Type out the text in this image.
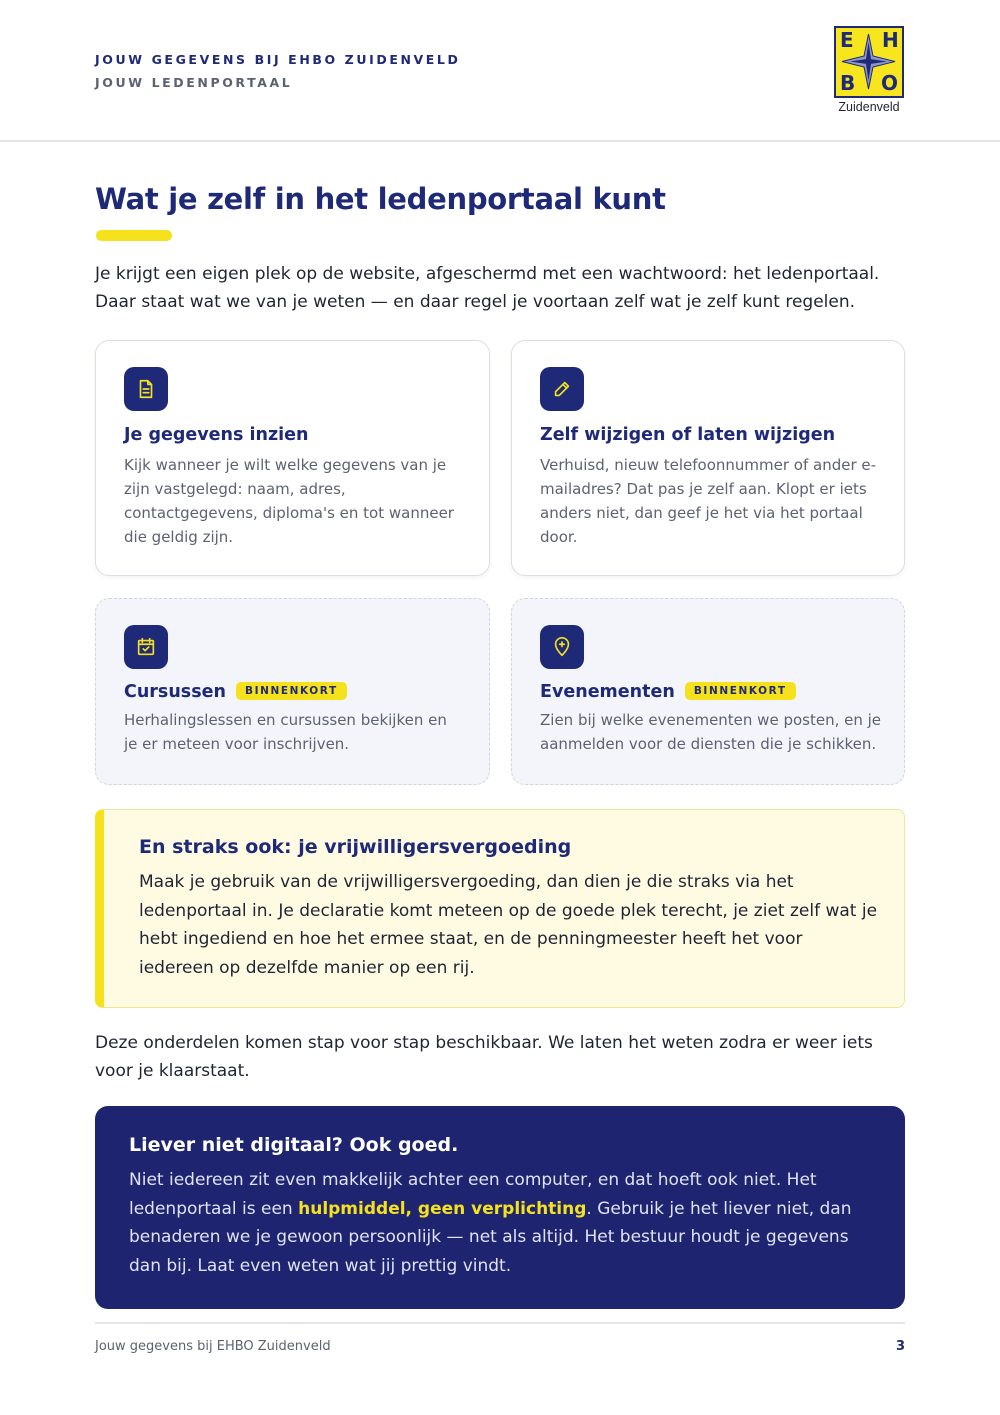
JOUW GEGEVENS BIJ EHBO ZUIDENVELD
JOUW LEDENPORTAAL
E H
B O
Zuidenveld
Wat je zelf in het ledenportaal kunt

Je krijgt een eigen plek op de website, afgeschermd met een wachtwoord: het ledenportaal. Daar staat wat we van je weten — en daar regel je voortaan zelf wat je zelf kunt regelen.

Je gegevens inzien
Kijk wanneer je wilt welke gegevens van je zijn vastgelegd: naam, adres, contactgegevens, diploma's en tot wanneer die geldig zijn.
Zelf wijzigen of laten wijzigen
Verhuisd, nieuw telefoonnummer of ander e-mailadres? Dat pas je zelf aan. Klopt er iets anders niet, dan geef je het via het portaal door.
Cursussen BINNENKORT
Herhalingslessen en cursussen bekijken en je er meteen voor inschrijven.
Evenementen BINNENKORT
Zien bij welke evenementen we posten, en je aanmelden voor de diensten die je schikken.
En straks ook: je vrijwilligersvergoeding
Maak je gebruik van de vrijwilligersvergoeding, dan dien je die straks via het ledenportaal in. Je declaratie komt meteen op de goede plek terecht, je ziet zelf wat je hebt ingediend en hoe het ermee staat, en de penningmeester heeft het voor iedereen op dezelfde manier op een rij.

Deze onderdelen komen stap voor stap beschikbaar. We laten het weten zodra er weer iets voor je klaarstaat.

Liever niet digitaal? Ook goed.
Niet iedereen zit even makkelijk achter een computer, en dat hoeft ook niet. Het ledenportaal is een hulpmiddel, geen verplichting. Gebruik je het liever niet, dan benaderen we je gewoon persoonlijk — net als altijd. Het bestuur houdt je gegevens dan bij. Laat even weten wat jij prettig vindt.
Jouw gegevens bij EHBO Zuidenveld	3
